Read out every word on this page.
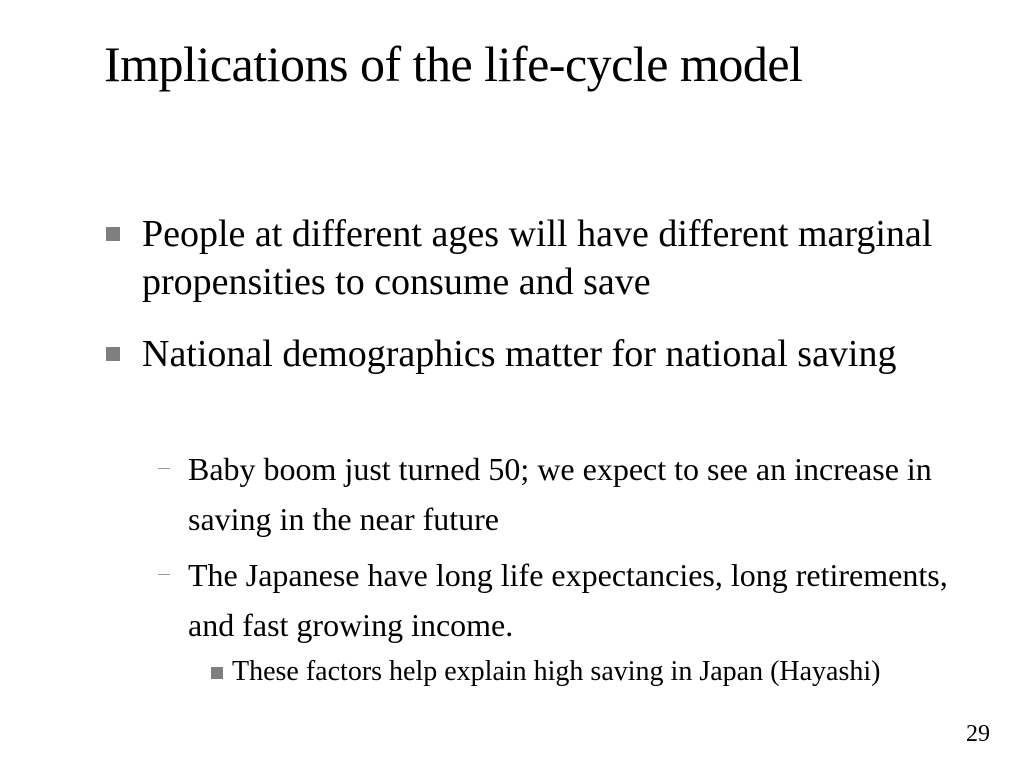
Implications of the life-cycle model
People at different ages will have different marginal propensities to consume and save
National demographics matter for national saving
Baby boom just turned 50; we expect to see an increase in saving in the near future
The Japanese have long life expectancies, long retirements, and fast growing income.
These factors help explain high saving in Japan (Hayashi)
29
